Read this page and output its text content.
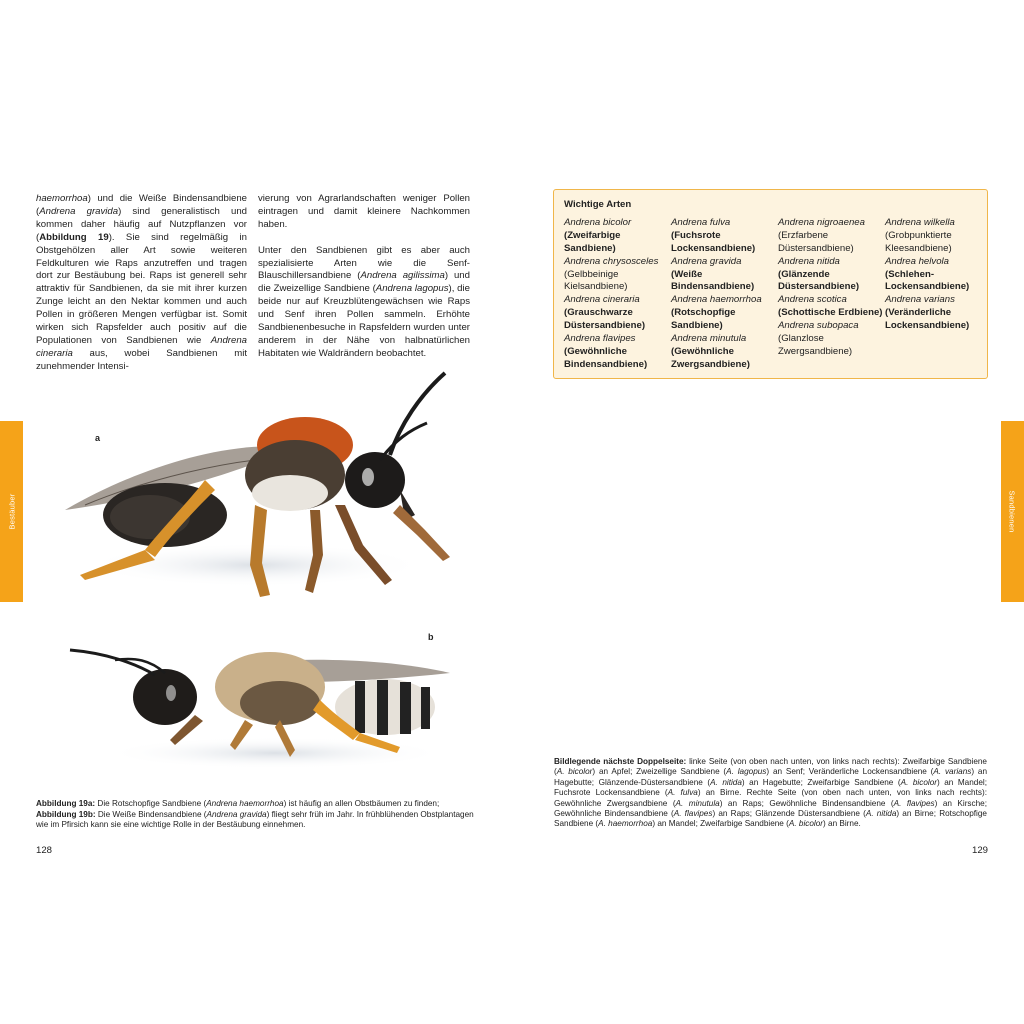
haemorrhoa) und die Weiße Bindensandbiene (Andrena gravida) sind generalistisch und kommen daher häufig auf Nutzpflanzen vor (Abbildung 19). Sie sind regelmäßig in Obstgehölzen aller Art sowie weiteren Feldkulturen wie Raps anzutreffen und tragen dort zur Bestäubung bei. Raps ist generell sehr attraktiv für Sandbienen, da sie mit ihrer kurzen Zunge leicht an den Nektar kommen und auch Pollen in größeren Mengen verfügbar ist. Somit wirken sich Rapsfelder auch positiv auf die Populationen von Sandbienen wie Andrena cineraria aus, wobei Sandbienen mit zunehmender Intensi-

vierung von Agrarlandschaften weniger Pollen eintragen und damit kleinere Nachkommen haben.

Unter den Sandbienen gibt es aber auch spezialisierte Arten wie die Senf-Blauschillersandbiene (Andrena agilissima) und die Zweizellige Sandbiene (Andrena lagopus), die beide nur auf Kreuzblütengewächsen wie Raps und Senf ihren Pollen sammeln. Erhöhte Sandbienenbesuche in Rapsfeldern wurden unter anderem in der Nähe von halbnatürlichen Habitaten wie Waldrändern beobachtet.

a
b
Abbildung 19a: Die Rotschopfige Sandbiene (Andrena haemorrhoa) ist häufig an allen Obstbäumen zu finden;
Abbildung 19b: Die Weiße Bindensandbiene (Andrena gravida) fliegt sehr früh im Jahr. In frühblühenden Obstplantagen wie im Pfirsich kann sie eine wichtige Rolle in der Bestäubung einnehmen.
128
Bestäuber	Sandbienen
Wichtige Arten
Andrena bicolor
(Zweifarbige Sandbiene)
Andrena chrysosceles
(Gelbbeinige Kielsandbiene)
Andrena cineraria
(Grauschwarze Düstersandbiene)
Andrena flavipes
(Gewöhnliche Bindensandbiene)
Andrena fulva
(Fuchsrote Lockensandbiene)
Andrena gravida
(Weiße Bindensandbiene)
Andrena haemorrhoa
(Rotschopfige Sandbiene)
Andrena minutula
(Gewöhnliche Zwergsandbiene)
Andrena nigroaenea
(Erzfarbene Düstersandbiene)
Andrena nitida
(Glänzende Düstersandbiene)
Andrena scotica
(Schottische Erdbiene)
Andrena subopaca
(Glanzlose Zwergsandbiene)
Andrena wilkella
(Grobpunktierte Kleesandbiene)
Andrea helvola
(Schlehen-Lockensandbiene)
Andrena varians
(Veränderliche Lockensandbiene)
Bildlegende nächste Doppelseite: linke Seite (von oben nach unten, von links nach rechts): Zweifarbige Sandbiene (A. bicolor) an Apfel; Zweizellige Sandbiene (A. lagopus) an Senf; Veränderliche Lockensandbiene (A. varians) an Hagebutte; Glänzende-Düstersandbiene (A. nitida) an Hagebutte; Zweifarbige Sandbiene (A. bicolor) an Mandel; Fuchsrote Lockensandbiene (A. fulva) an Birne. Rechte Seite (von oben nach unten, von links nach rechts): Gewöhnliche Zwergsandbiene (A. minutula) an Raps; Gewöhnliche Bindensandbiene (A. flavipes) an Kirsche; Gewöhnliche Bindensandbiene (A. flavipes) an Raps; Glänzende Düstersandbiene (A. nitida) an Birne; Rotschopfige Sandbiene (A. haemorrhoa) an Mandel; Zweifarbige Sandbiene (A. bicolor) an Birne.
129
